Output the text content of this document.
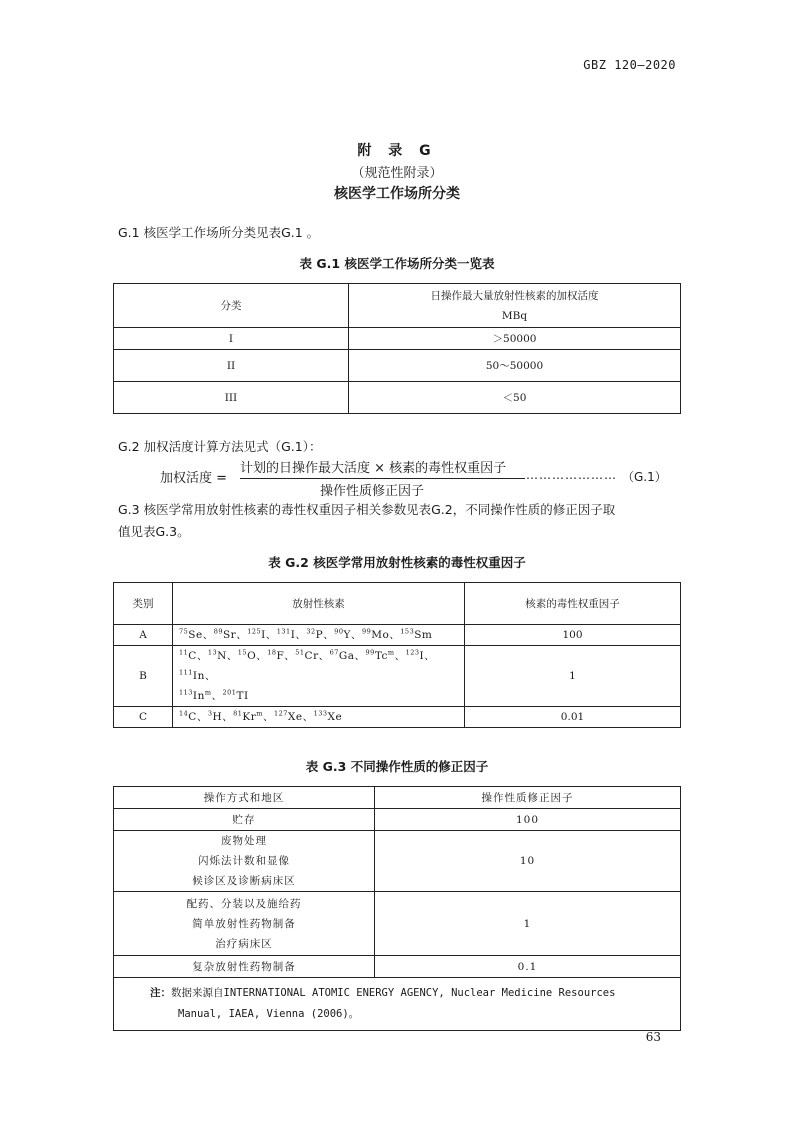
GBZ 120—2020
附 录 G
（规范性附录）
核医学工作场所分类
G.1 核医学工作场所分类见表G.1 。
表 G.1 核医学工作场所分类一览表
分类	日操作最大量放射性核素的加权活度
MBq

I	＞50000
II	50～50000
III	＜50
G.2 加权活度计算方法见式（G.1）：
加权活度 =
计划的日操作最大活度 × 核素的毒性权重因子
操作性质修正因子
………………… （G.1）
G.3 核医学常用放射性核素的毒性权重因子相关参数见表G.2，不同操作性质的修正因子取
值见表G.3。
表 G.2 核医学常用放射性核素的毒性权重因子
类别	放射性核素	核素的毒性权重因子
A	$^{75}$Se、$^{89}$Sr、$^{125}$I、$^{131}$I、$^{32}$P、$^{90}$Y、$^{99}$Mo、$^{153}$Sm	100
B	$^{11}$C、$^{13}$N、$^{15}$O、$^{18}$F、$^{51}$Cr、$^{67}$Ga、$^{99}$Tc$^m$、$^{123}$I、$^{111}$In、
$^{113}$In$^m$、$^{201}$TI	1
C	$^{14}$C、$^3$H、$^{81}$Kr$^m$、$^{127}$Xe、$^{133}$Xe	0.01
表 G.3 不同操作性质的修正因子
操作方式和地区	操作性质修正因子
贮存	100

废物处理
闪烁法计数和显像
候诊区及诊断病床区	10

配药、分装以及施给药
简单放射性药物制备
治疗病床区	1
复杂放射性药物制备	0.1

注：数据来源自INTERNATIONAL ATOMIC ENERGY AGENCY, Nuclear Medicine Resources
Manual, IAEA, Vienna (2006)。	
63
